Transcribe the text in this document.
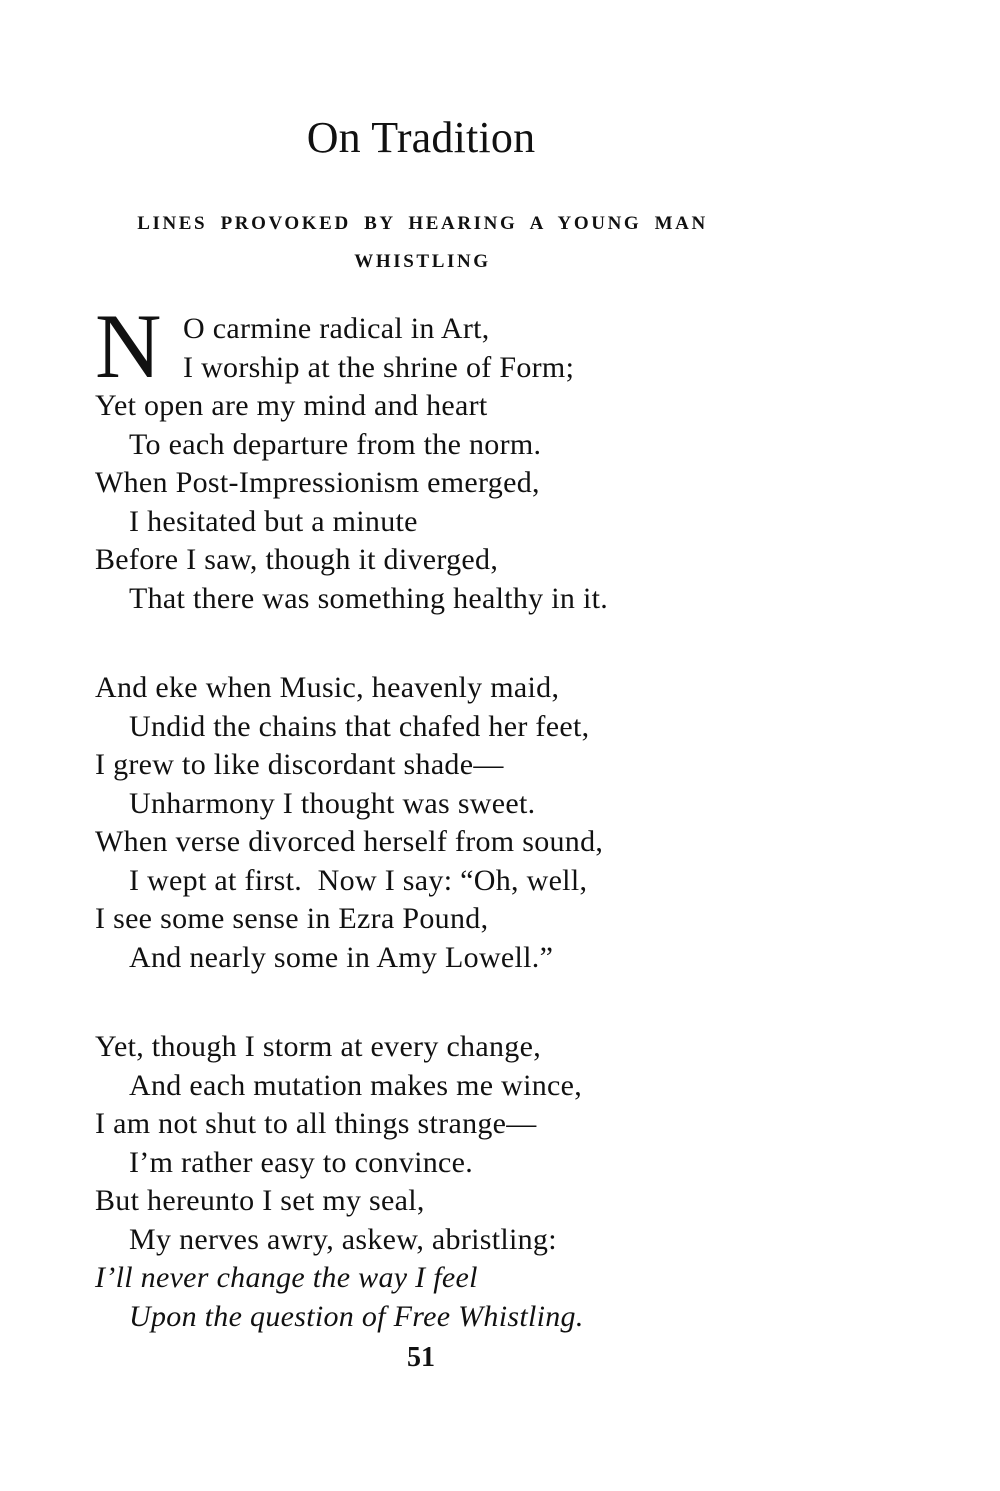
On Tradition
LINES PROVOKED BY HEARING A YOUNG MAN WHISTLING
N O carmine radical in Art,
I worship at the shrine of Form;
Yet open are my mind and heart
To each departure from the norm.
When Post-Impressionism emerged,
I hesitated but a minute
Before I saw, though it diverged,
That there was something healthy in it.
And eke when Music, heavenly maid,
Undid the chains that chafed her feet,
I grew to like discordant shade—
Unharmony I thought was sweet.
When verse divorced herself from sound,
I wept at first.  Now I say: “Oh, well,
I see some sense in Ezra Pound,
And nearly some in Amy Lowell.”
Yet, though I storm at every change,
And each mutation makes me wince,
I am not shut to all things strange—
I’m rather easy to convince.
But hereunto I set my seal,
My nerves awry, askew, abristling:
I’ll never change the way I feel
Upon the question of Free Whistling.
51
